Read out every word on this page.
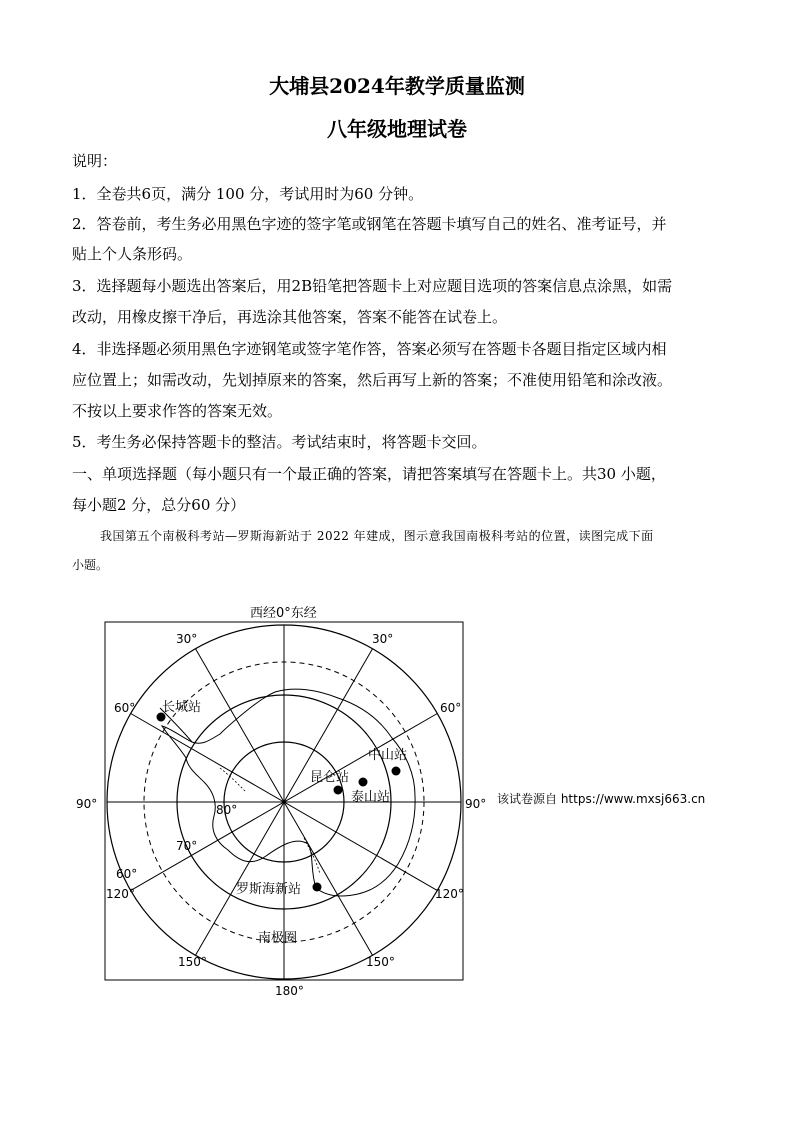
大埔县2024年教学质量监测
八年级地理试卷
说明：
1．全卷共6页，满分 100 分，考试用时为60 分钟。
2．答卷前，考生务必用黑色字迹的签字笔或钢笔在答题卡填写自己的姓名、准考证号，并
贴上个人条形码。
3．选择题每小题选出答案后，用2B铅笔把答题卡上对应题目选项的答案信息点涂黑，如需
改动，用橡皮擦干净后，再选涂其他答案，答案不能答在试卷上。
4．非选择题必须用黑色字迹钢笔或签字笔作答，答案必须写在答题卡各题目指定区域内相
应位置上；如需改动，先划掉原来的答案，然后再写上新的答案；不准使用铅笔和涂改液。
不按以上要求作答的答案无效。
5．考生务必保持答题卡的整洁。考试结束时，将答题卡交回。
一、单项选择题（每小题只有一个最正确的答案，请把答案填写在答题卡上。共30 小题，
每小题2 分，总分60 分）
我国第五个南极科考站—罗斯海新站于 2022 年建成，图示意我国南极科考站的位置，读图完成下面
小题。
长城站
中山站
昆仑站
泰山站
罗斯海新站
南极圈
西经0°东经
180°
90°	90°
30°	30°
60°	60°
60°
120°	120°
150°	150°
80°
70°
该试卷源自 https://www.mxsj663.cn
